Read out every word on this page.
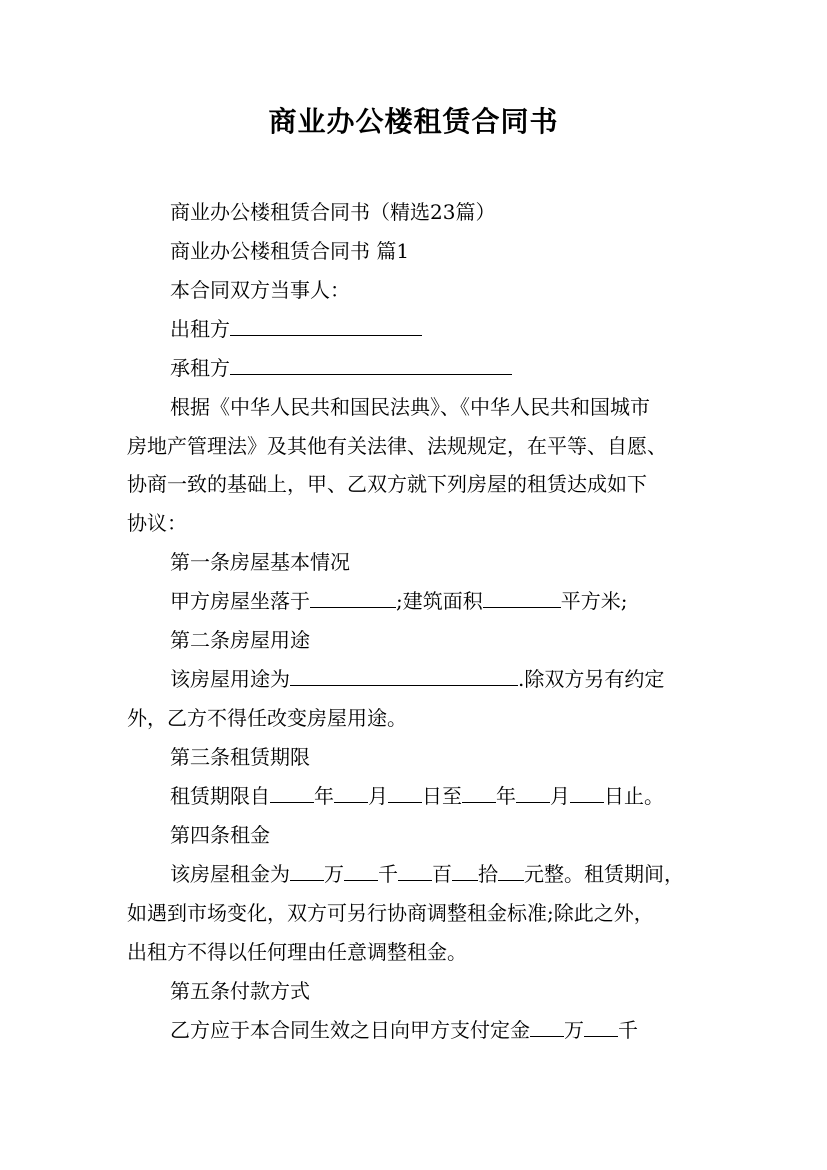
商业办公楼租赁合同书
商业办公楼租赁合同书（精选23篇）
商业办公楼租赁合同书 篇1
本合同双方当事人：
出租方
承租方
根据《中华人民共和国民法典》、《中华人民共和国城市
房地产管理法》及其他有关法律、法规规定，在平等、自愿、
协商一致的基础上，甲、乙双方就下列房屋的租赁达成如下
协议：
第一条房屋基本情况
甲方房屋坐落于	;建筑面积	平方米;
第二条房屋用途
该房屋用途为	.除双方另有约定
外，乙方不得任改变房屋用途。
第三条租赁期限
租赁期限自 年 月 日至 年 月 日止。
第四条租金
该房屋租金为 万 千 百 拾 元整。租赁期间，
如遇到市场变化，双方可另行协商调整租金标准;除此之外，
出租方不得以任何理由任意调整租金。
第五条付款方式
乙方应于本合同生效之日向甲方支付定金 万 千
